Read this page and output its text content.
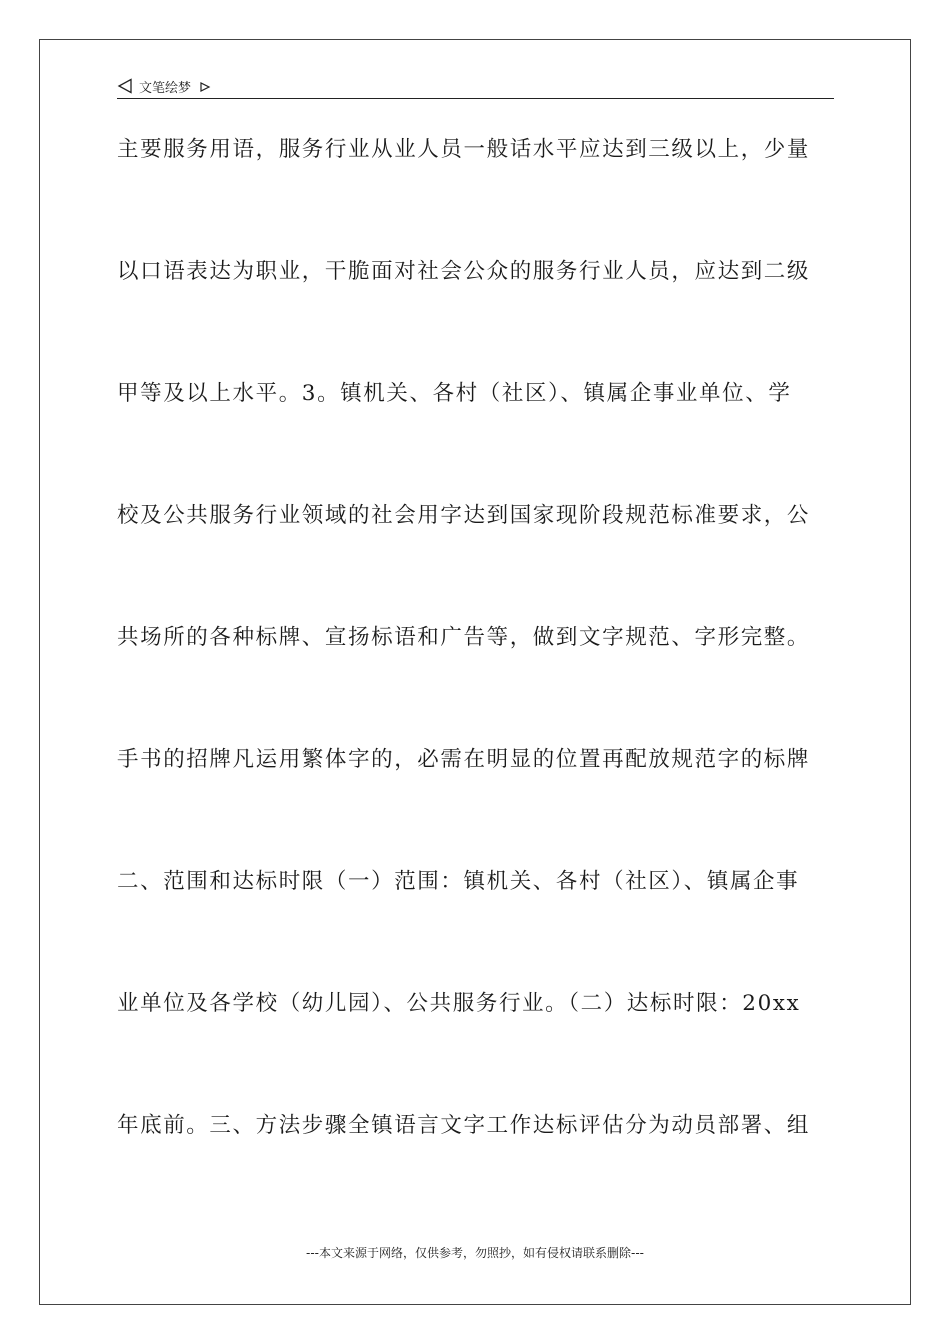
文笔绘梦

主要服务用语，服务行业从业人员一般话水平应达到三级以上，少量

以口语表达为职业，干脆面对社会公众的服务行业人员，应达到二级

甲等及以上水平。3。镇机关、各村（社区）、镇属企事业单位、学

校及公共服务行业领域的社会用字达到国家现阶段规范标准要求，公

共场所的各种标牌、宣扬标语和广告等，做到文字规范、字形完整。

手书的招牌凡运用繁体字的，必需在明显的位置再配放规范字的标牌

二、范围和达标时限（一）范围：镇机关、各村（社区）、镇属企事

业单位及各学校（幼儿园）、公共服务行业。（二）达标时限：20xx

年底前。三、方法步骤全镇语言文字工作达标评估分为动员部署、组

---本文来源于网络，仅供参考，勿照抄，如有侵权请联系删除---
